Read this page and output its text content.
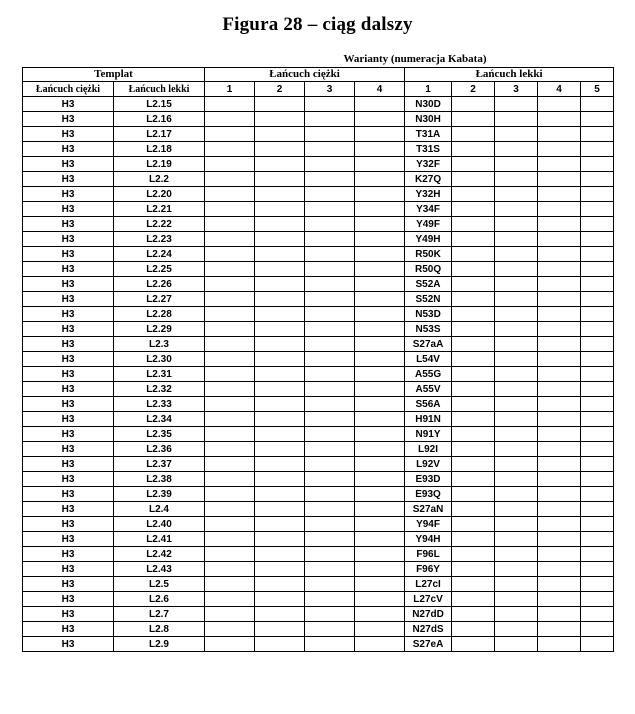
Figura 28 – ciąg dalszy
Warianty (numeracja Kabata)
Templat		Łańcuch ciężki				Łańcuch lekki				
Łańcuch ciężki	Łańcuch lekki	1	2	3	4	1	2	3	4	5
H3	L2.15					N30D				
H3	L2.16					N30H				
H3	L2.17					T31A				
H3	L2.18					T31S				
H3	L2.19					Y32F				
H3	L2.2					K27Q				
H3	L2.20					Y32H				
H3	L2.21					Y34F				
H3	L2.22					Y49F				
H3	L2.23					Y49H				
H3	L2.24					R50K				
H3	L2.25					R50Q				
H3	L2.26					S52A				
H3	L2.27					S52N				
H3	L2.28					N53D				
H3	L2.29					N53S				
H3	L2.3					S27aA				
H3	L2.30					L54V				
H3	L2.31					A55G				
H3	L2.32					A55V				
H3	L2.33					S56A				
H3	L2.34					H91N				
H3	L2.35					N91Y				
H3	L2.36					L92I				
H3	L2.37					L92V				
H3	L2.38					E93D				
H3	L2.39					E93Q				
H3	L2.4					S27aN				
H3	L2.40					Y94F				
H3	L2.41					Y94H				
H3	L2.42					F96L				
H3	L2.43					F96Y				
H3	L2.5					L27cI				
H3	L2.6					L27cV				
H3	L2.7					N27dD				
H3	L2.8					N27dS				
H3	L2.9					S27eA				
